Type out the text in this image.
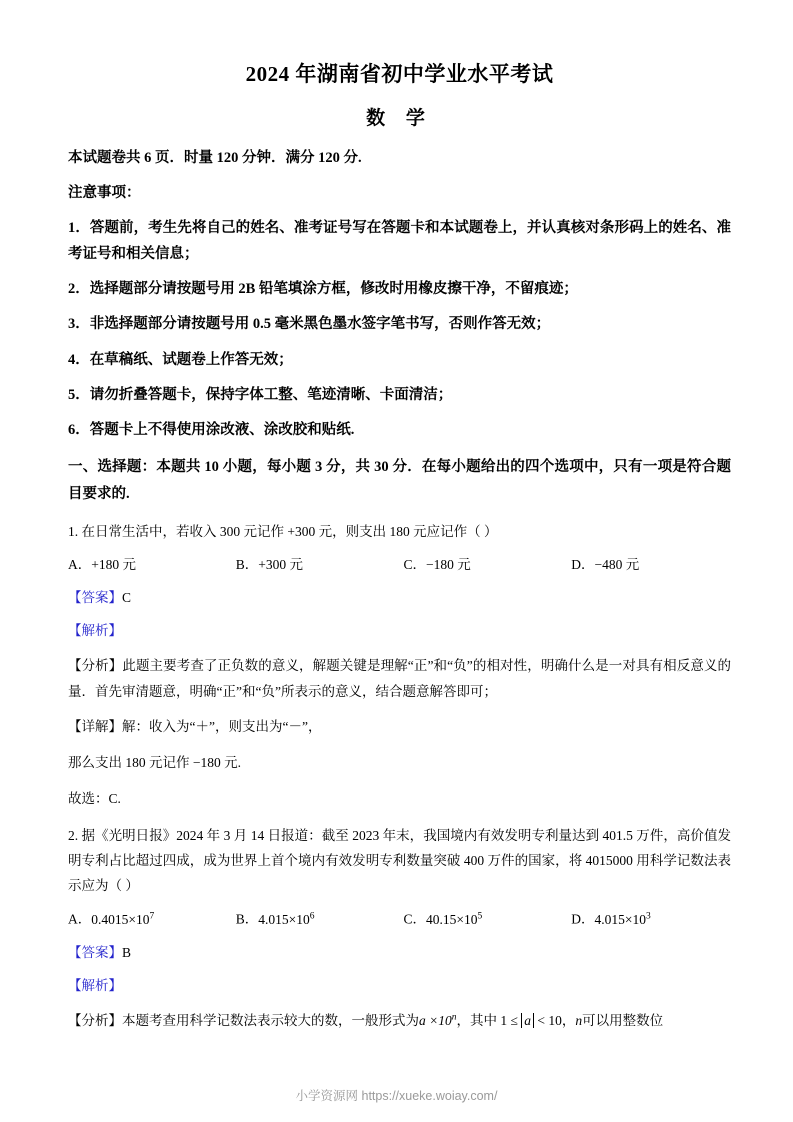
2024 年湖南省初中学业水平考试
数 学
本试题卷共 6 页．时量 120 分钟．满分 120 分.
注意事项：
1．答题前，考生先将自己的姓名、准考证号写在答题卡和本试题卷上，并认真核对条形码上的姓名、准考证号和相关信息；
2．选择题部分请按题号用 2B 铅笔填涂方框，修改时用橡皮擦干净，不留痕迹；
3．非选择题部分请按题号用 0.5 毫米黑色墨水签字笔书写，否则作答无效；
4．在草稿纸、试题卷上作答无效；
5．请勿折叠答题卡，保持字体工整、笔迹清晰、卡面清洁；
6．答题卡上不得使用涂改液、涂改胶和贴纸.
一、选择题：本题共 10 小题，每小题 3 分，共 30 分．在每小题给出的四个选项中，只有一项是符合题目要求的.
1. 在日常生活中，若收入 300 元记作 +300 元，则支出 180 元应记作（ ）
A．+180 元	B．+300 元	C．−180 元	D．−480 元
【答案】C
【解析】
【分析】此题主要考查了正负数的意义，解题关键是理解“正”和“负”的相对性，明确什么是一对具有相反意义的量．首先审清题意，明确“正”和“负”所表示的意义，结合题意解答即可；
【详解】解：收入为“＋”，则支出为“－”，
那么支出 180 元记作 −180 元.
故选：C.
2. 据《光明日报》2024 年 3 月 14 日报道：截至 2023 年末，我国境内有效发明专利量达到 401.5 万件，高价值发明专利占比超过四成，成为世界上首个境内有效发明专利数量突破 400 万件的国家，将 4015000 用科学记数法表示应为（ ）
A．$0.4015\times 10^7$	B．$4.015\times 10^6$	C．$40.15\times 10^5$	D．$4.015\times 10^3$
【答案】B
【解析】
【分析】本题考查用科学记数法表示较大的数，一般形式为$a \times 10^n$，其中 1 ≤ a < 10，n可以用整数位
小学资源网 https://xueke.woiay.com/
